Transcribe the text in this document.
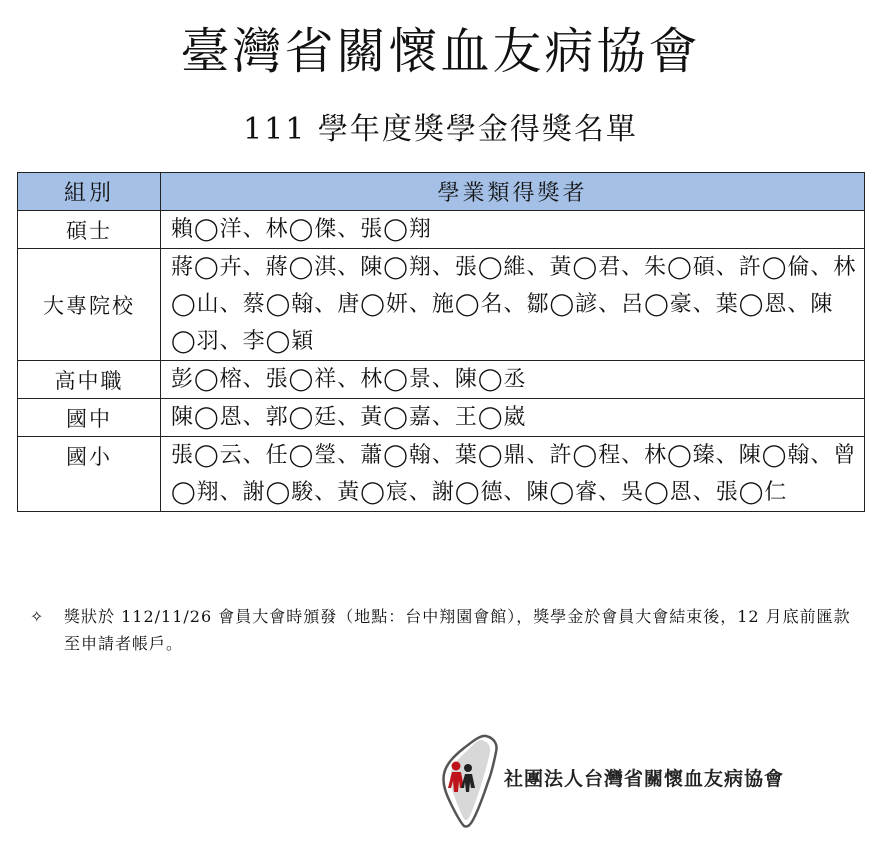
臺灣省關懷血友病協會
111 學年度獎學金得獎名單
組別	學業類得獎者
碩士	賴◯洋、林◯傑、張◯翔
大專院校	蔣◯卉、蔣◯淇、陳◯翔、張◯維、黃◯君、朱◯碩、許◯倫、林◯山、蔡◯翰、唐◯妍、施◯名、鄒◯諺、呂◯豪、葉◯恩、陳◯羽、李◯穎
高中職	彭◯榕、張◯祥、林◯景、陳◯丞
國中	陳◯恩、郭◯廷、黃◯嘉、王◯崴
國小	張◯云、任◯瑩、蕭◯翰、葉◯鼎、許◯程、林◯臻、陳◯翰、曾◯翔、謝◯駿、黃◯宸、謝◯德、陳◯睿、吳◯恩、張◯仁
✧ 獎狀於 112/11/26 會員大會時頒發（地點：台中翔園會館），獎學金於會員大會結束後，12 月底前匯款至申請者帳戶。
社團法人台灣省關懷血友病協會
